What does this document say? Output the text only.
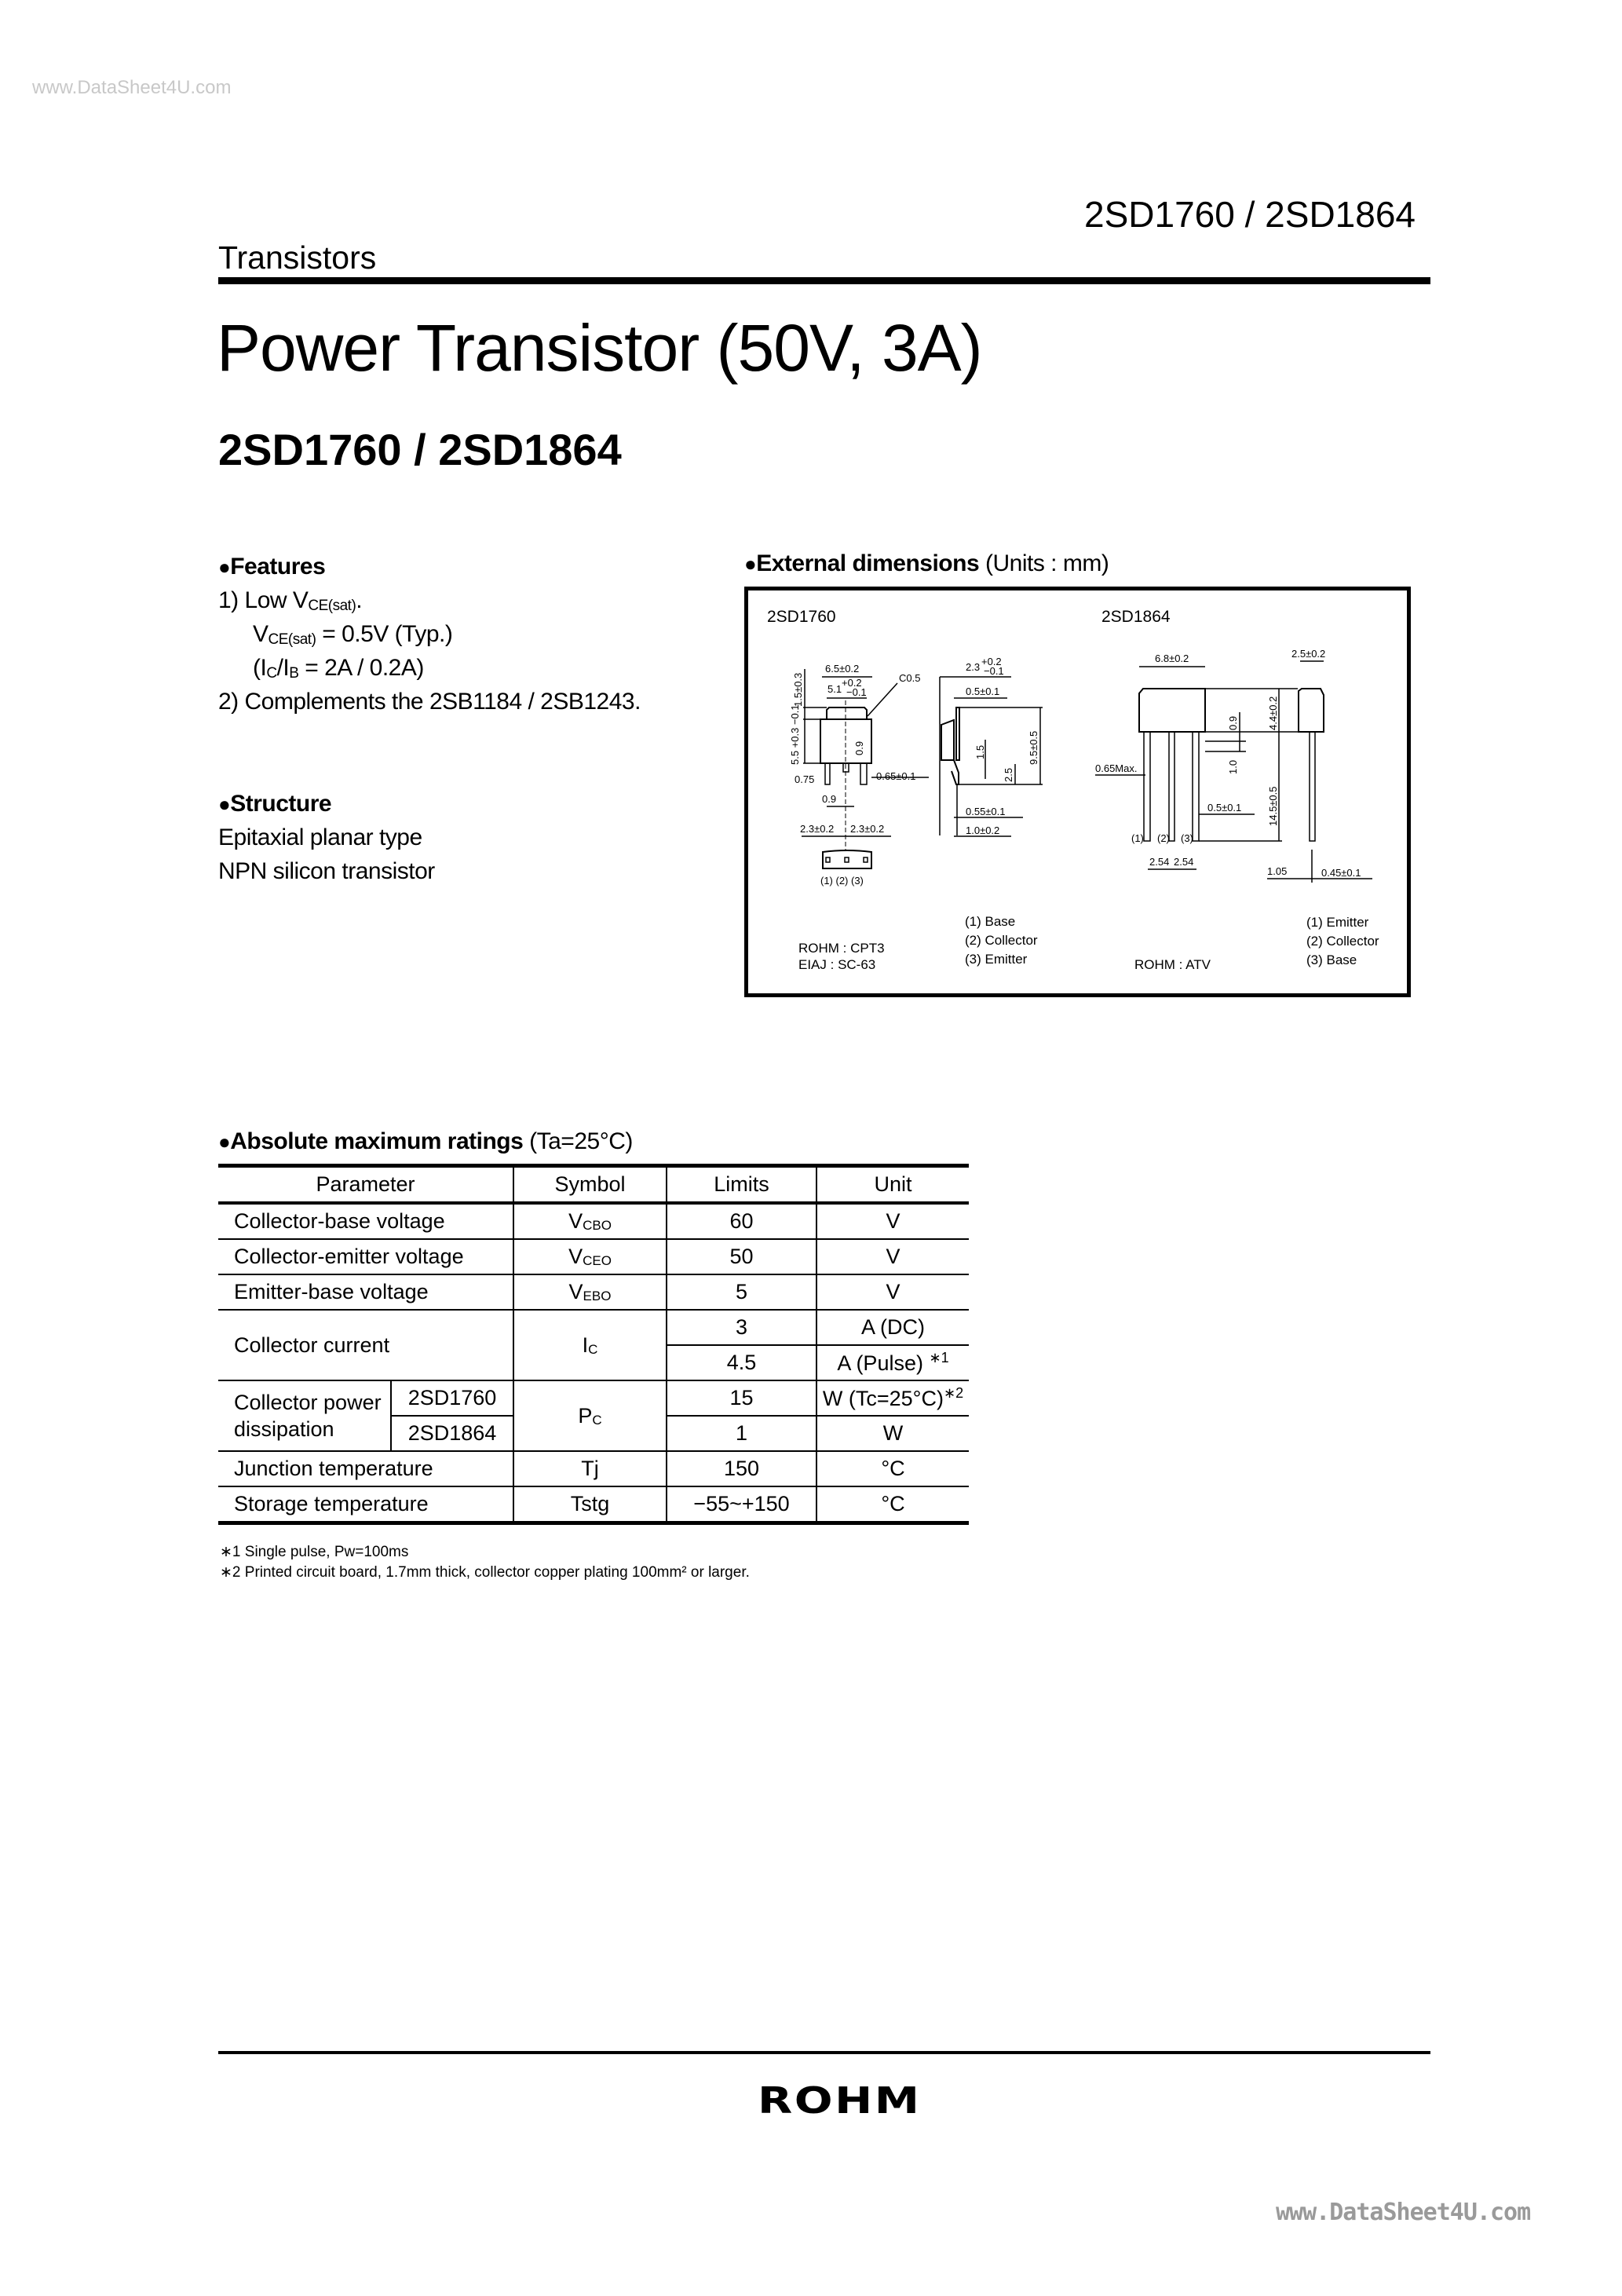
www.DataSheet4U.com
2SD1760 / 2SD1864
Transistors
Power Transistor (50V, 3A)
2SD1760 / 2SD1864
●Features
1) Low $V_{CE(sat)}$.
$V_{CE(sat)} = 0.5V$ (Typ.)
$(I_C/I_B = 2A / 0.2A)$
2) Complements the 2SB1184 / 2SB1243.
●Structure
Epitaxial planar type
NPN silicon transistor
●External dimensions (Units : mm)
2SD1760
6.5±0.2
5.1
+0.2
−0.1
C0.5
1.5±0.3
5.5 +0.3 −0.1	0.9
0.75	0.65±0.1
0.9
2.3±0.2 2.3±0.2
(1) (2) (3)
2.3 +0.2
−0.1
0.5±0.1
1.5
2.5
9.5±0.5
0.55±0.1
1.0±0.2
(1) Base
(2) Collector
(3) Emitter
ROHM : CPT3
EIAJ : SC-63
2SD1864
6.8±0.2	2.5±0.2
4.4±0.2
0.9
1.0
14.5±0.5
0.65Max.
0.5±0.1
(1) (2) (3)
2.54 2.54
1.05	0.45±0.1
(1) Emitter
(2) Collector
(3) Base
ROHM : ATV
●Absolute maximum ratings (Ta=25°C)
Parameter		Symbol	Limits	Unit
Collector-base voltage		$V_{CBO}$	60	V
Collector-emitter voltage		$V_{CEO}$	50	V
Emitter-base voltage		$V_{EBO}$	5	V
Collector current		$I_C$	3	A (DC)
			4.5	A (Pulse) $^{∗1}$
Collector power dissipation	2SD1760	$P_C$	15	W (Tc=25°C)$^{∗2}$
	2SD1864		1	W
Junction temperature		Tj	150	°C
Storage temperature		Tstg	−55~+150	°C
∗1 Single pulse, Pw=100ms
∗2 Printed circuit board, 1.7mm thick, collector copper plating 100mm² or larger.
ROHM
www.DataSheet4U.com
